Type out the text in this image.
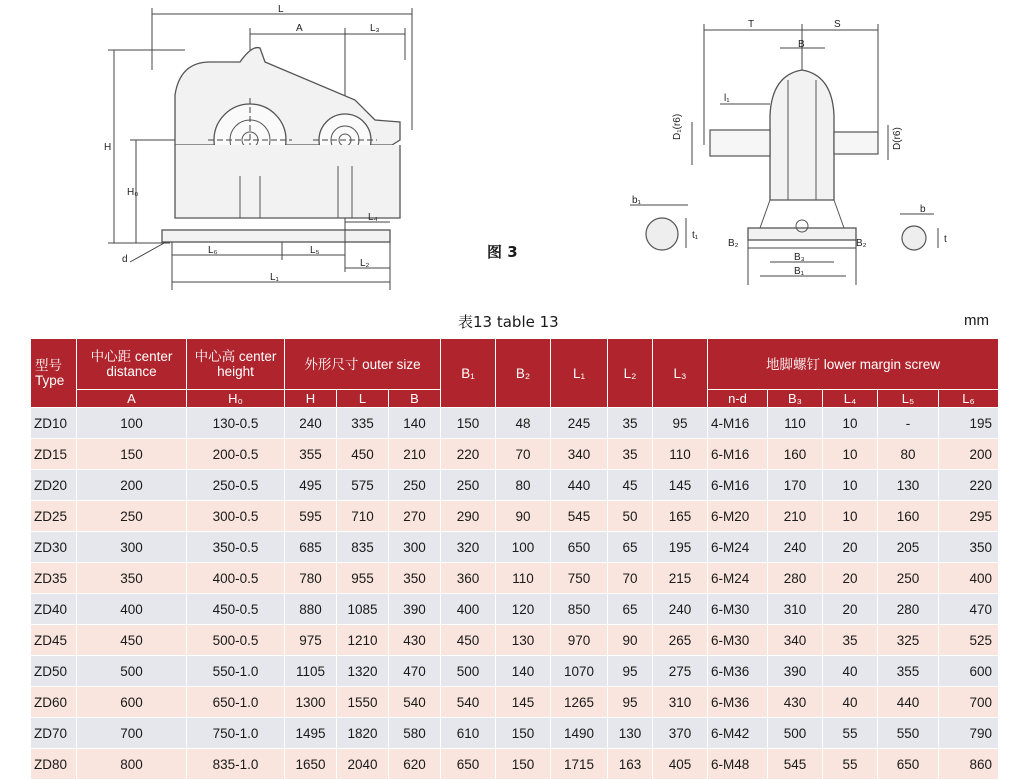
L
A	L₃
H
H₀
d
L₄
L₆	L₅
L₂
L₁
图 3
T	S
B
l₁
D₁(r6)	D(r6)
b₁
t₁
b
t
B₂	B₂
B₃
B₁
表13 table 13	mm
型号 Type	中心距 center distance	中心高 center height	外形尺寸 outer size			B₁	B₂	L₁	L₂	L₃	地脚螺钉 lower margin screw				
	A	H₀	H	L	B						n-d	B₃	L₄	L₅	L₆
ZD10	100	130-0.5	240	335	140	150	48	245	35	95	4-M16	110	10	-	195
ZD15	150	200-0.5	355	450	210	220	70	340	35	110	6-M16	160	10	80	200
ZD20	200	250-0.5	495	575	250	250	80	440	45	145	6-M16	170	10	130	220
ZD25	250	300-0.5	595	710	270	290	90	545	50	165	6-M20	210	10	160	295
ZD30	300	350-0.5	685	835	300	320	100	650	65	195	6-M24	240	20	205	350
ZD35	350	400-0.5	780	955	350	360	110	750	70	215	6-M24	280	20	250	400
ZD40	400	450-0.5	880	1085	390	400	120	850	65	240	6-M30	310	20	280	470
ZD45	450	500-0.5	975	1210	430	450	130	970	90	265	6-M30	340	35	325	525
ZD50	500	550-1.0	1105	1320	470	500	140	1070	95	275	6-M36	390	40	355	600
ZD60	600	650-1.0	1300	1550	540	540	145	1265	95	310	6-M36	430	40	440	700
ZD70	700	750-1.0	1495	1820	580	610	150	1490	130	370	6-M42	500	55	550	790
ZD80	800	835-1.0	1650	2040	620	650	150	1715	163	405	6-M48	545	55	650	860
